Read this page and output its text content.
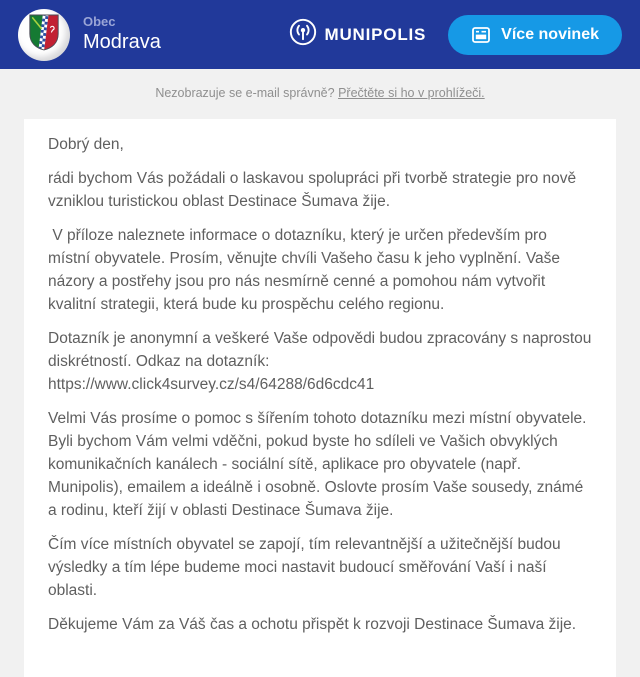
Obec
Modrava	MUNIPOLIS	Více novinek
Nezobrazuje se e-mail správně? Přečtěte si ho v prohlížeči.

Dobrý den,

rádi bychom Vás požádali o laskavou spolupráci při tvorbě strategie pro nově vzniklou turistickou oblast Destinace Šumava žije.

V příloze naleznete informace o dotazníku, který je určen především pro místní obyvatele. Prosím, věnujte chvíli Vašeho času k jeho vyplnění. Vaše názory a postřehy jsou pro nás nesmírně cenné a pomohou nám vytvořit kvalitní strategii, která bude ku prospěchu celého regionu.

Dotazník je anonymní a veškeré Vaše odpovědi budou zpracovány s naprostou diskrétností. Odkaz na dotazník: https://www.click4survey.cz/s4/64288/6d6cdc41

Velmi Vás prosíme o pomoc s šířením tohoto dotazníku mezi místní obyvatele. Byli bychom Vám velmi vděčni, pokud byste ho sdíleli ve Vašich obvyklých komunikačních kanálech - sociální sítě, aplikace pro obyvatele (např. Munipolis), emailem a ideálně i osobně. Oslovte prosím Vaše sousedy, známé a rodinu, kteří žijí v oblasti Destinace Šumava žije.

Čím více místních obyvatel se zapojí, tím relevantnější a užitečnější budou výsledky a tím lépe budeme moci nastavit budoucí směřování Vaší i naší oblasti.

Děkujeme Vám za Váš čas a ochotu přispět k rozvoji Destinace Šumava žije.
